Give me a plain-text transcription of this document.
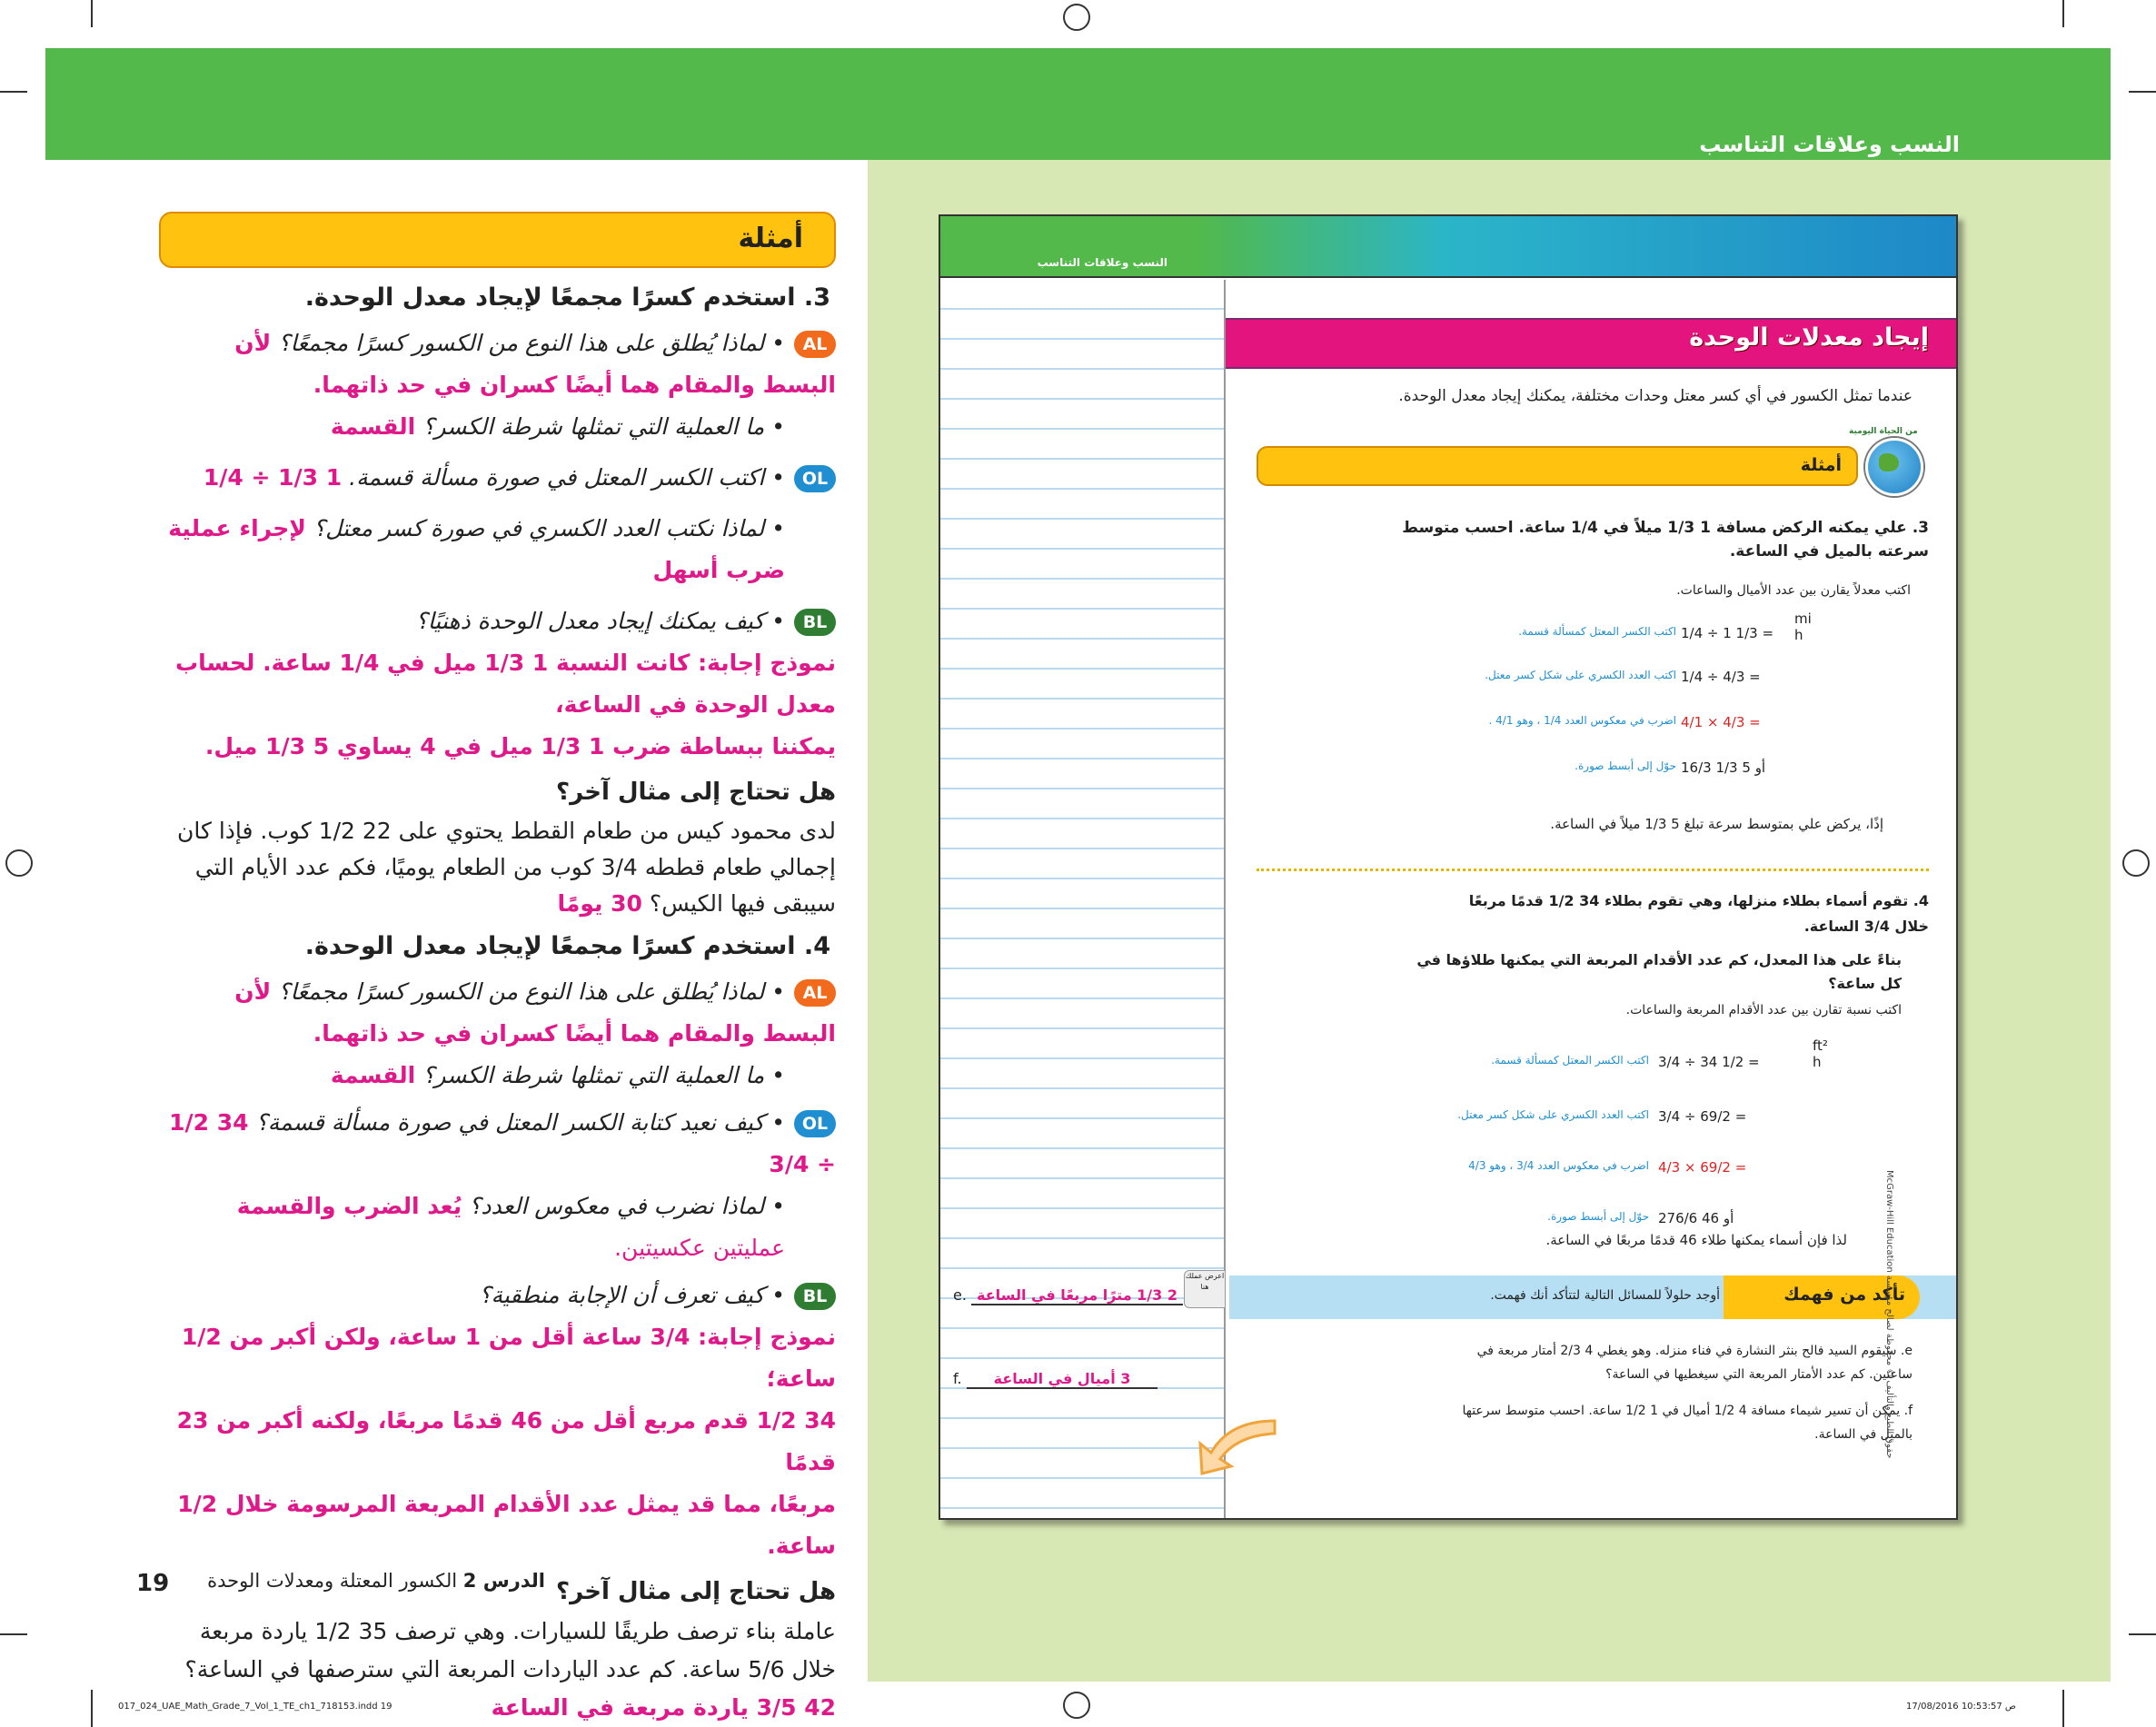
النسب وعلاقات التناسب
أمثلة

3. استخدم كسرًا مجمعًا لإيجاد معدل الوحدة.

AL• لماذا يُطلق على هذا النوع من الكسور كسرًا مجمعًا؟ لأن البسط والمقام هما أيضًا كسران في حد ذاتهما.

• ما العملية التي تمثلها شرطة الكسر؟ القسمة

OL• اكتب الكسر المعتل في صورة مسألة قسمة. 1 1/3 ÷ 1/4

• لماذا نكتب العدد الكسري في صورة كسر معتل؟ لإجراء عملية ضرب أسهل

BL• كيف يمكنك إيجاد معدل الوحدة ذهنيًا؟

نموذج إجابة: كانت النسبة 1 1/3 ميل في 1/4 ساعة. لحساب معدل الوحدة في الساعة،

يمكننا ببساطة ضرب 1 1/3 ميل في 4 يساوي 5 1/3 ميل.

هل تحتاج إلى مثال آخر؟

لدى محمود كيس من طعام القطط يحتوي على 22 1/2 كوب. فإذا كان إجمالي طعام قططه 3/4 كوب من الطعام يوميًا، فكم عدد الأيام التي سيبقى فيها الكيس؟ 30 يومًا

4. استخدم كسرًا مجمعًا لإيجاد معدل الوحدة.

AL• لماذا يُطلق على هذا النوع من الكسور كسرًا مجمعًا؟ لأن البسط والمقام هما أيضًا كسران في حد ذاتهما.

• ما العملية التي تمثلها شرطة الكسر؟ القسمة

OL• كيف نعيد كتابة الكسر المعتل في صورة مسألة قسمة؟ 34 1/2 ÷ 3/4

• لماذا نضرب في معكوس العدد؟ يُعد الضرب والقسمة عمليتين عكسيتين.

BL• كيف تعرف أن الإجابة منطقية؟

نموذج إجابة: 3/4 ساعة أقل من 1 ساعة، ولكن أكبر من 1/2 ساعة؛

34 1/2 قدم مربع أقل من 46 قدمًا مربعًا، ولكنه أكبر من 23 قدمًا

مربعًا، مما قد يمثل عدد الأقدام المربعة المرسومة خلال 1/2 ساعة.

هل تحتاج إلى مثال آخر؟

عاملة بناء ترصف طريقًا للسيارات. وهي ترصف 35 1/2 ياردة مربعة خلال 5/6 ساعة. كم عدد الياردات المربعة التي سترصفها في الساعة؟ 42 3/5 ياردة مربعة في الساعة

19	الدرس 2 الكسور المعتلة ومعدلات الوحدة
النسب وعلاقات التناسب
إيجاد معدلات الوحدة
عندما تمثل الكسور في أي كسر معتل وحدات مختلفة، يمكنك إيجاد معدل الوحدة.
أمثلة
من الحياة اليومية
3. علي يمكنه الركض مسافة 1 1/3 ميلاً في 1/4 ساعة. احسب متوسط سرعته بالميل في الساعة.
اكتب معدلاً يقارن بين عدد الأميال والساعات.
اكتب الكسر المعتل كمسألة قسمة.
اكتب العدد الكسري على شكل كسر معتل.
اضرب في معكوس العدد 1/4 ، وهو 4/1 .
حوّل إلى أبسط صورة.
1/4 ÷ 1 1/3 =
1/4 ÷ 4/3 =
4/1 × 4/3 =
16/3 أو 5 1/3
mi
h
إذًا، يركض علي بمتوسط سرعة تبلغ 5 1/3 ميلاً في الساعة.
4. تقوم أسماء بطلاء منزلها، وهي تقوم بطلاء 34 1/2 قدمًا مربعًا خلال 3/4 الساعة.
بناءً على هذا المعدل، كم عدد الأقدام المربعة التي يمكنها طلاؤها في كل ساعة؟
اكتب نسبة تقارن بين عدد الأقدام المربعة والساعات.
اكتب الكسر المعتل كمسألة قسمة.
اكتب العدد الكسري على شكل كسر معتل.
اضرب في معكوس العدد 3/4 ، وهو 4/3
حوّل إلى أبسط صورة.
3/4 ÷ 34 1/2 =
3/4 ÷ 69/2 =
4/3 × 69/2 =
276/6 أو 46
ft²
h
لذا فإن أسماء يمكنها طلاء 46 قدمًا مربعًا في الساعة.
تأكد من فهمك
أوجد حلولاً للمسائل التالية لتتأكد أنك فهمت.
e. سيقوم السيد فالح بنثر النشارة في فناء منزله. وهو يغطي 4 2/3 أمتار مربعة في ساعتين. كم عدد الأمتار المربعة التي سيغطيها في الساعة؟
f. يمكن أن تسير شيماء مسافة 4 1/2 أميال في 1 1/2 ساعة. احسب متوسط سرعتها بالميل في الساعة.
e. 2 1/3 مترًا مربعًا في الساعة
f. 3 أميال في الساعة
اعرض عملك هنا
McGraw-Hill Education حقوق الطبع والتأليف © محفوظة لصالح مؤسسة
017_024_UAE_Math_Grade_7_Vol_1_TE_ch1_718153.indd 19	17/08/2016 10:53:57 ص
